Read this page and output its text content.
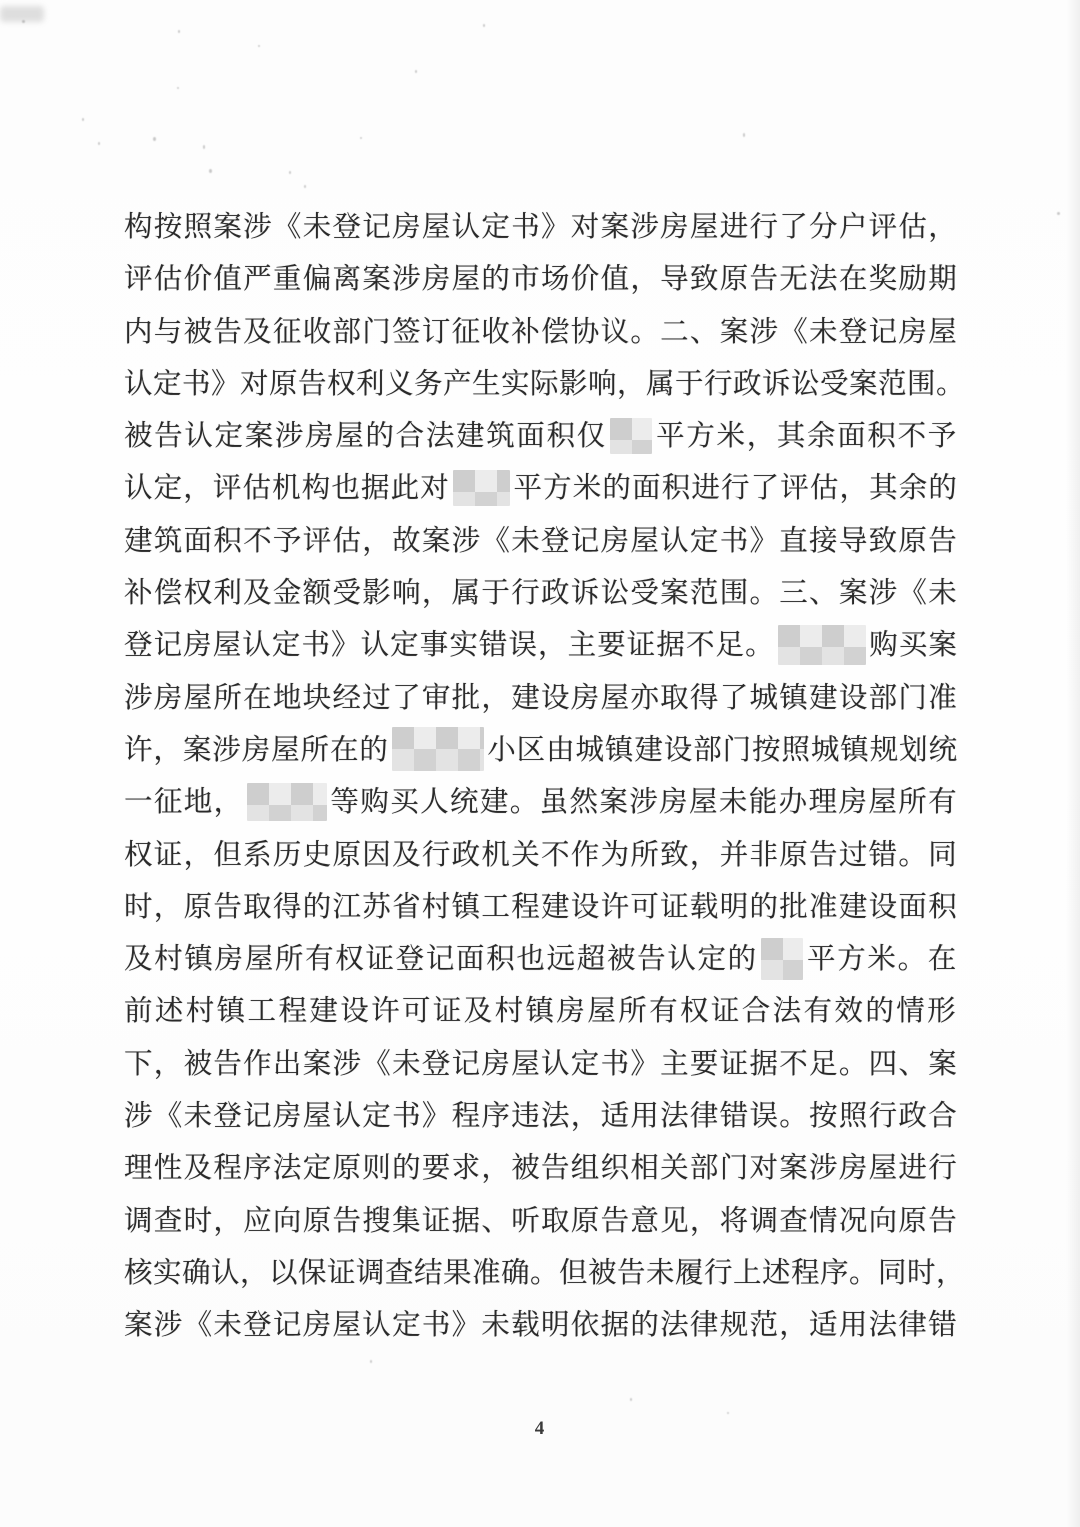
构按照案涉《未登记房屋认定书》对案涉房屋进行了分户评估，
评估价值严重偏离案涉房屋的市场价值，导致原告无法在奖励期
内与被告及征收部门签订征收补偿协议。二、案涉《未登记房屋
认定书》对原告权利义务产生实际影响，属于行政诉讼受案范围。
被告认定案涉房屋的合法建筑面积仅 平方米，其余面积不予
认定，评估机构也据此对 平方米的面积进行了评估，其余的
建筑面积不予评估，故案涉《未登记房屋认定书》直接导致原告
补偿权利及金额受影响，属于行政诉讼受案范围。三、案涉《未
登记房屋认定书》认定事实错误，主要证据不足。	购买案
涉房屋所在地块经过了审批，建设房屋亦取得了城镇建设部门准
许，案涉房屋所在的	小区由城镇建设部门按照城镇规划统
一征地，	等购买人统建。虽然案涉房屋未能办理房屋所有
权证，但系历史原因及行政机关不作为所致，并非原告过错。同
时，原告取得的江苏省村镇工程建设许可证载明的批准建设面积
及村镇房屋所有权证登记面积也远超被告认定的 平方米。在
前述村镇工程建设许可证及村镇房屋所有权证合法有效的情形
下，被告作出案涉《未登记房屋认定书》主要证据不足。四、案
涉《未登记房屋认定书》程序违法，适用法律错误。按照行政合
理性及程序法定原则的要求，被告组织相关部门对案涉房屋进行
调查时，应向原告搜集证据、听取原告意见，将调查情况向原告
核实确认，以保证调查结果准确。但被告未履行上述程序。同时，
案涉《未登记房屋认定书》未载明依据的法律规范，适用法律错
4
